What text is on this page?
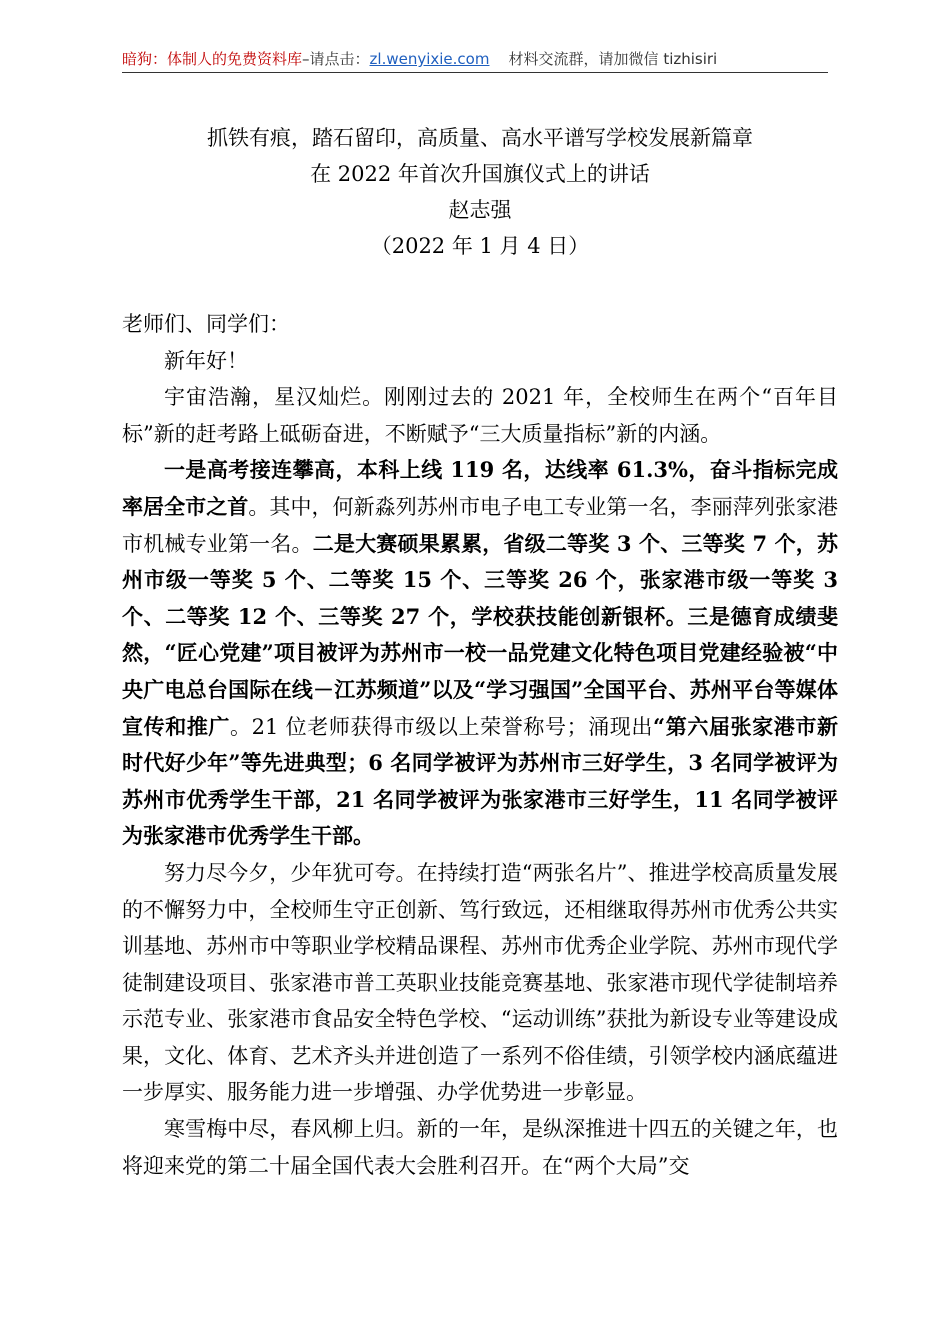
暗狗：体制人的免费资料库–请点击：zl.wenyixie.com 材料交流群，请加微信 tizhisiri
抓铁有痕，踏石留印，高质量、高水平谱写学校发展新篇章
在 2022 年首次升国旗仪式上的讲话
赵志强
（2022 年 1 月 4 日）

老师们、同学们：

新年好！

宇宙浩瀚，星汉灿烂。刚刚过去的 2021 年，全校师生在两个“百年目标”新的赶考路上砥砺奋进，不断赋予“三大质量指标”新的内涵。

一是高考接连攀高，本科上线 119 名，达线率 61.3%，奋斗指标完成率居全市之首。其中，何新淼列苏州市电子电工专业第一名，李丽萍列张家港市机械专业第一名。二是大赛硕果累累，省级二等奖 3 个、三等奖 7 个，苏州市级一等奖 5 个、二等奖 15 个、三等奖 26 个，张家港市级一等奖 3 个、二等奖 12 个、三等奖 27 个，学校获技能创新银杯。三是德育成绩斐然，“匠心党建”项目被评为苏州市一校一品党建文化特色项目党建经验被“中央广电总台国际在线－江苏频道”以及“学习强国”全国平台、苏州平台等媒体宣传和推广。21 位老师获得市级以上荣誉称号；涌现出“第六届张家港市新时代好少年”等先进典型；6 名同学被评为苏州市三好学生，3 名同学被评为苏州市优秀学生干部，21 名同学被评为张家港市三好学生，11 名同学被评为张家港市优秀学生干部。

努力尽今夕，少年犹可夸。在持续打造“两张名片”、推进学校高质量发展的不懈努力中，全校师生守正创新、笃行致远，还相继取得苏州市优秀公共实训基地、苏州市中等职业学校精品课程、苏州市优秀企业学院、苏州市现代学徒制建设项目、张家港市普工英职业技能竞赛基地、张家港市现代学徒制培养示范专业、张家港市食品安全特色学校、“运动训练”获批为新设专业等建设成果，文化、体育、艺术齐头并进创造了一系列不俗佳绩，引领学校内涵底蕴进一步厚实、服务能力进一步增强、办学优势进一步彰显。

寒雪梅中尽，春风柳上归。新的一年，是纵深推进十四五的关键之年，也将迎来党的第二十届全国代表大会胜利召开。在“两个大局”交
